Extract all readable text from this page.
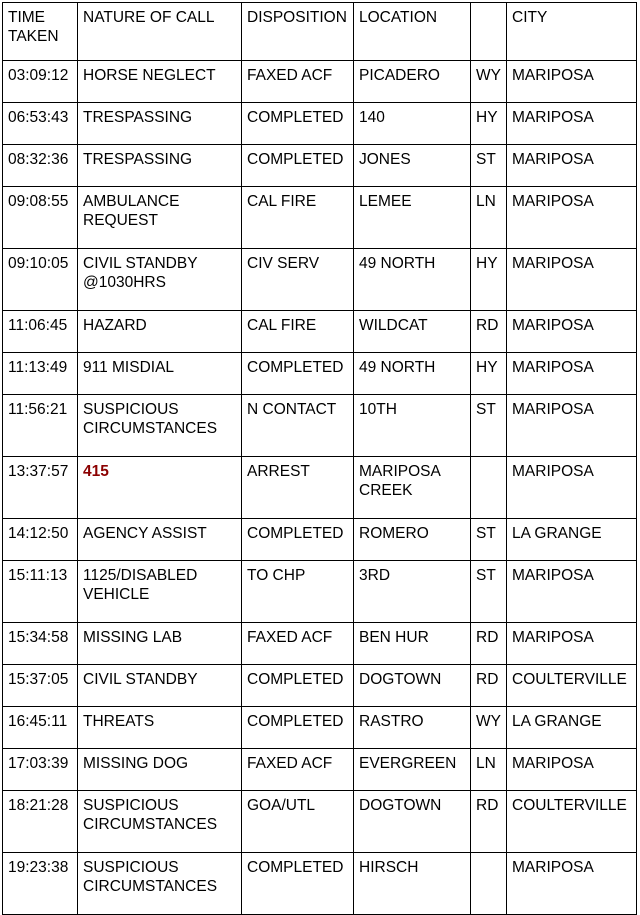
TIME TAKEN	NATURE OF CALL	DISPOSITION	LOCATION		CITY
03:09:12	HORSE NEGLECT	FAXED ACF	PICADERO	WY	MARIPOSA
06:53:43	TRESPASSING	COMPLETED	140	HY	MARIPOSA
08:32:36	TRESPASSING	COMPLETED	JONES	ST	MARIPOSA
09:08:55	AMBULANCE REQUEST	CAL FIRE	LEMEE	LN	MARIPOSA
09:10:05	CIVIL STANDBY @1030HRS	CIV SERV	49 NORTH	HY	MARIPOSA
11:06:45	HAZARD	CAL FIRE	WILDCAT	RD	MARIPOSA
11:13:49	911 MISDIAL	COMPLETED	49 NORTH	HY	MARIPOSA
11:56:21	SUSPICIOUS CIRCUMSTANCES	N CONTACT	10TH	ST	MARIPOSA
13:37:57	415	ARREST	MARIPOSA CREEK		MARIPOSA
14:12:50	AGENCY ASSIST	COMPLETED	ROMERO	ST	LA GRANGE
15:11:13	1125/DISABLED VEHICLE	TO CHP	3RD	ST	MARIPOSA
15:34:58	MISSING LAB	FAXED ACF	BEN HUR	RD	MARIPOSA
15:37:05	CIVIL STANDBY	COMPLETED	DOGTOWN	RD	COULTERVILLE
16:45:11	THREATS	COMPLETED	RASTRO	WY	LA GRANGE
17:03:39	MISSING DOG	FAXED ACF	EVERGREEN	LN	MARIPOSA
18:21:28	SUSPICIOUS CIRCUMSTANCES	GOA/UTL	DOGTOWN	RD	COULTERVILLE
19:23:38	SUSPICIOUS CIRCUMSTANCES	COMPLETED	HIRSCH		MARIPOSA
